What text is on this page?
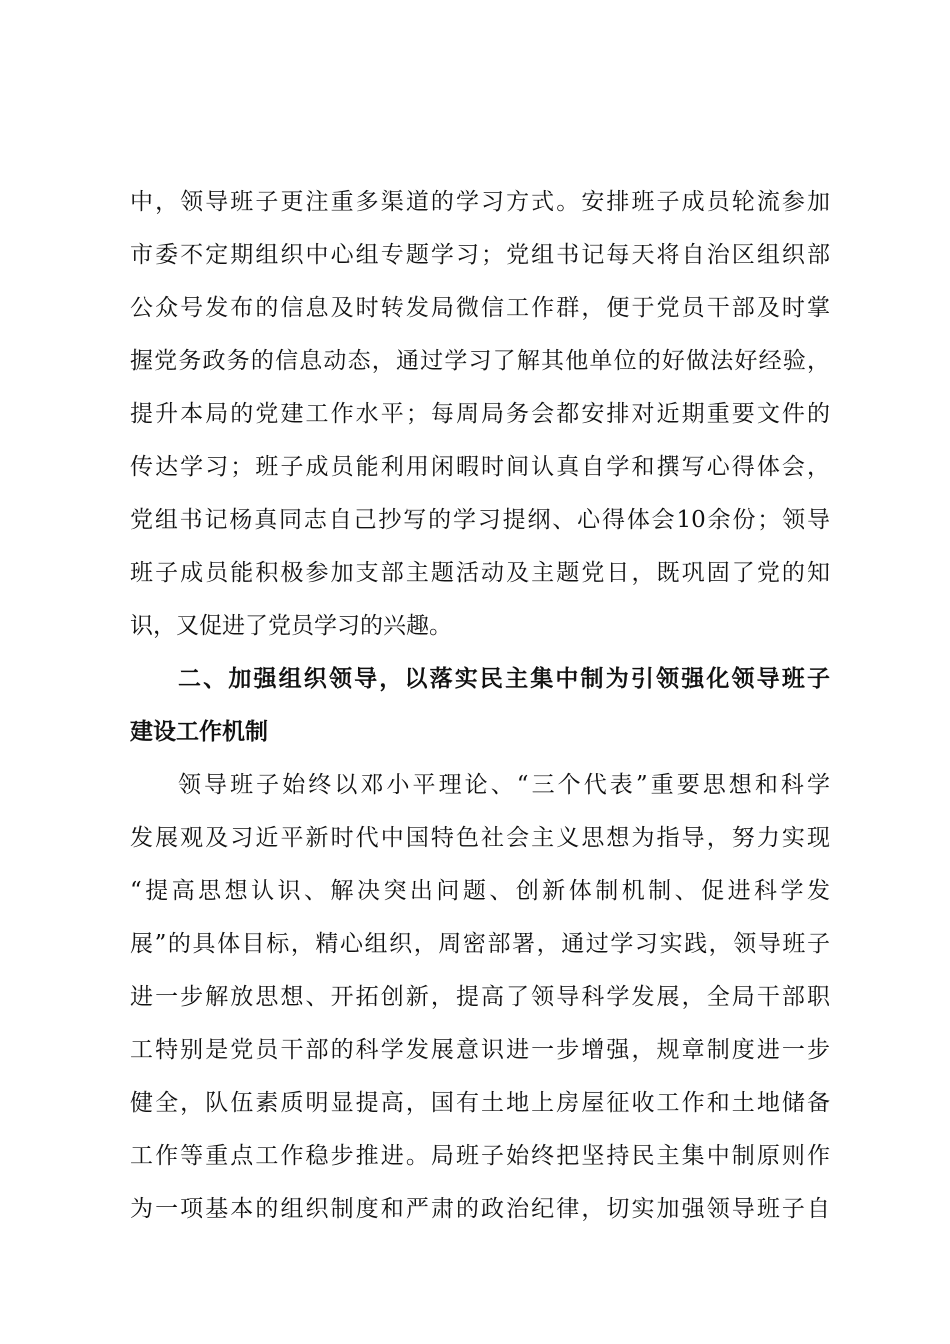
中，领导班子更注重多渠道的学习方式。安排班子成员轮流参加
市委不定期组织中心组专题学习；党组书记每天将自治区组织部
公众号发布的信息及时转发局微信工作群，便于党员干部及时掌
握党务政务的信息动态，通过学习了解其他单位的好做法好经验，
提升本局的党建工作水平；每周局务会都安排对近期重要文件的
传达学习；班子成员能利用闲暇时间认真自学和撰写心得体会，
党组书记杨真同志自己抄写的学习提纲、心得体会10余份；领导
班子成员能积极参加支部主题活动及主题党日，既巩固了党的知
识，又促进了党员学习的兴趣。
二、加强组织领导，以落实民主集中制为引领强化领导班子
建设工作机制
领导班子始终以邓小平理论、“三个代表”重要思想和科学
发展观及习近平新时代中国特色社会主义思想为指导，努力实现
“提高思想认识、解决突出问题、创新体制机制、促进科学发
展”的具体目标，精心组织，周密部署，通过学习实践，领导班子
进一步解放思想、开拓创新，提高了领导科学发展，全局干部职
工特别是党员干部的科学发展意识进一步增强，规章制度进一步
健全，队伍素质明显提高，国有土地上房屋征收工作和土地储备
工作等重点工作稳步推进。局班子始终把坚持民主集中制原则作
为一项基本的组织制度和严肃的政治纪律，切实加强领导班子自
